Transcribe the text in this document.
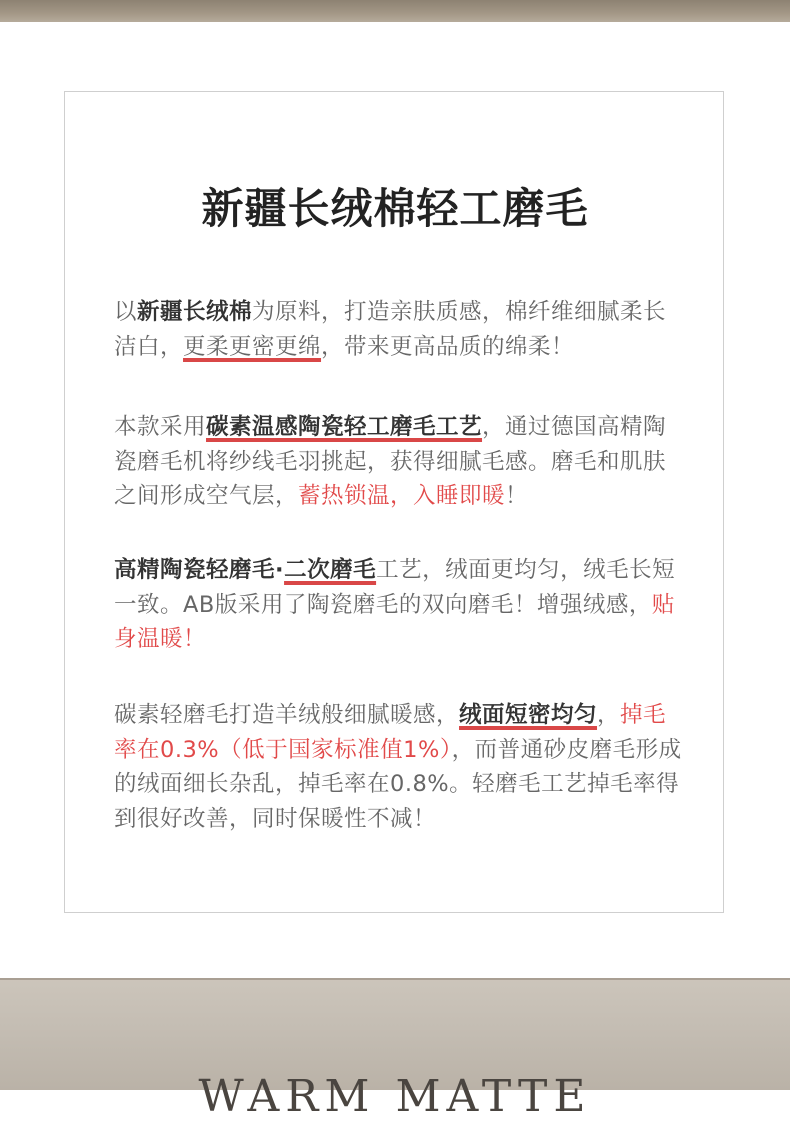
新疆长绒棉轻工磨毛

以新疆长绒棉为原料，打造亲肤质感，棉纤维细腻柔长洁白，更柔更密更绵，带来更高品质的绵柔！

本款采用碳素温感陶瓷轻工磨毛工艺，通过德国高精陶瓷磨毛机将纱线毛羽挑起，获得细腻毛感。磨毛和肌肤之间形成空气层，蓄热锁温，入睡即暖！

高精陶瓷轻磨毛·二次磨毛工艺，绒面更均匀，绒毛长短一致。AB版采用了陶瓷磨毛的双向磨毛！增强绒感，贴身温暖！

碳素轻磨毛打造羊绒般细腻暖感，绒面短密均匀，掉毛率在0.3%（低于国家标准值1%），而普通砂皮磨毛形成的绒面细长杂乱，掉毛率在0.8%。轻磨毛工艺掉毛率得到很好改善，同时保暖性不减！

WARM MATTE
